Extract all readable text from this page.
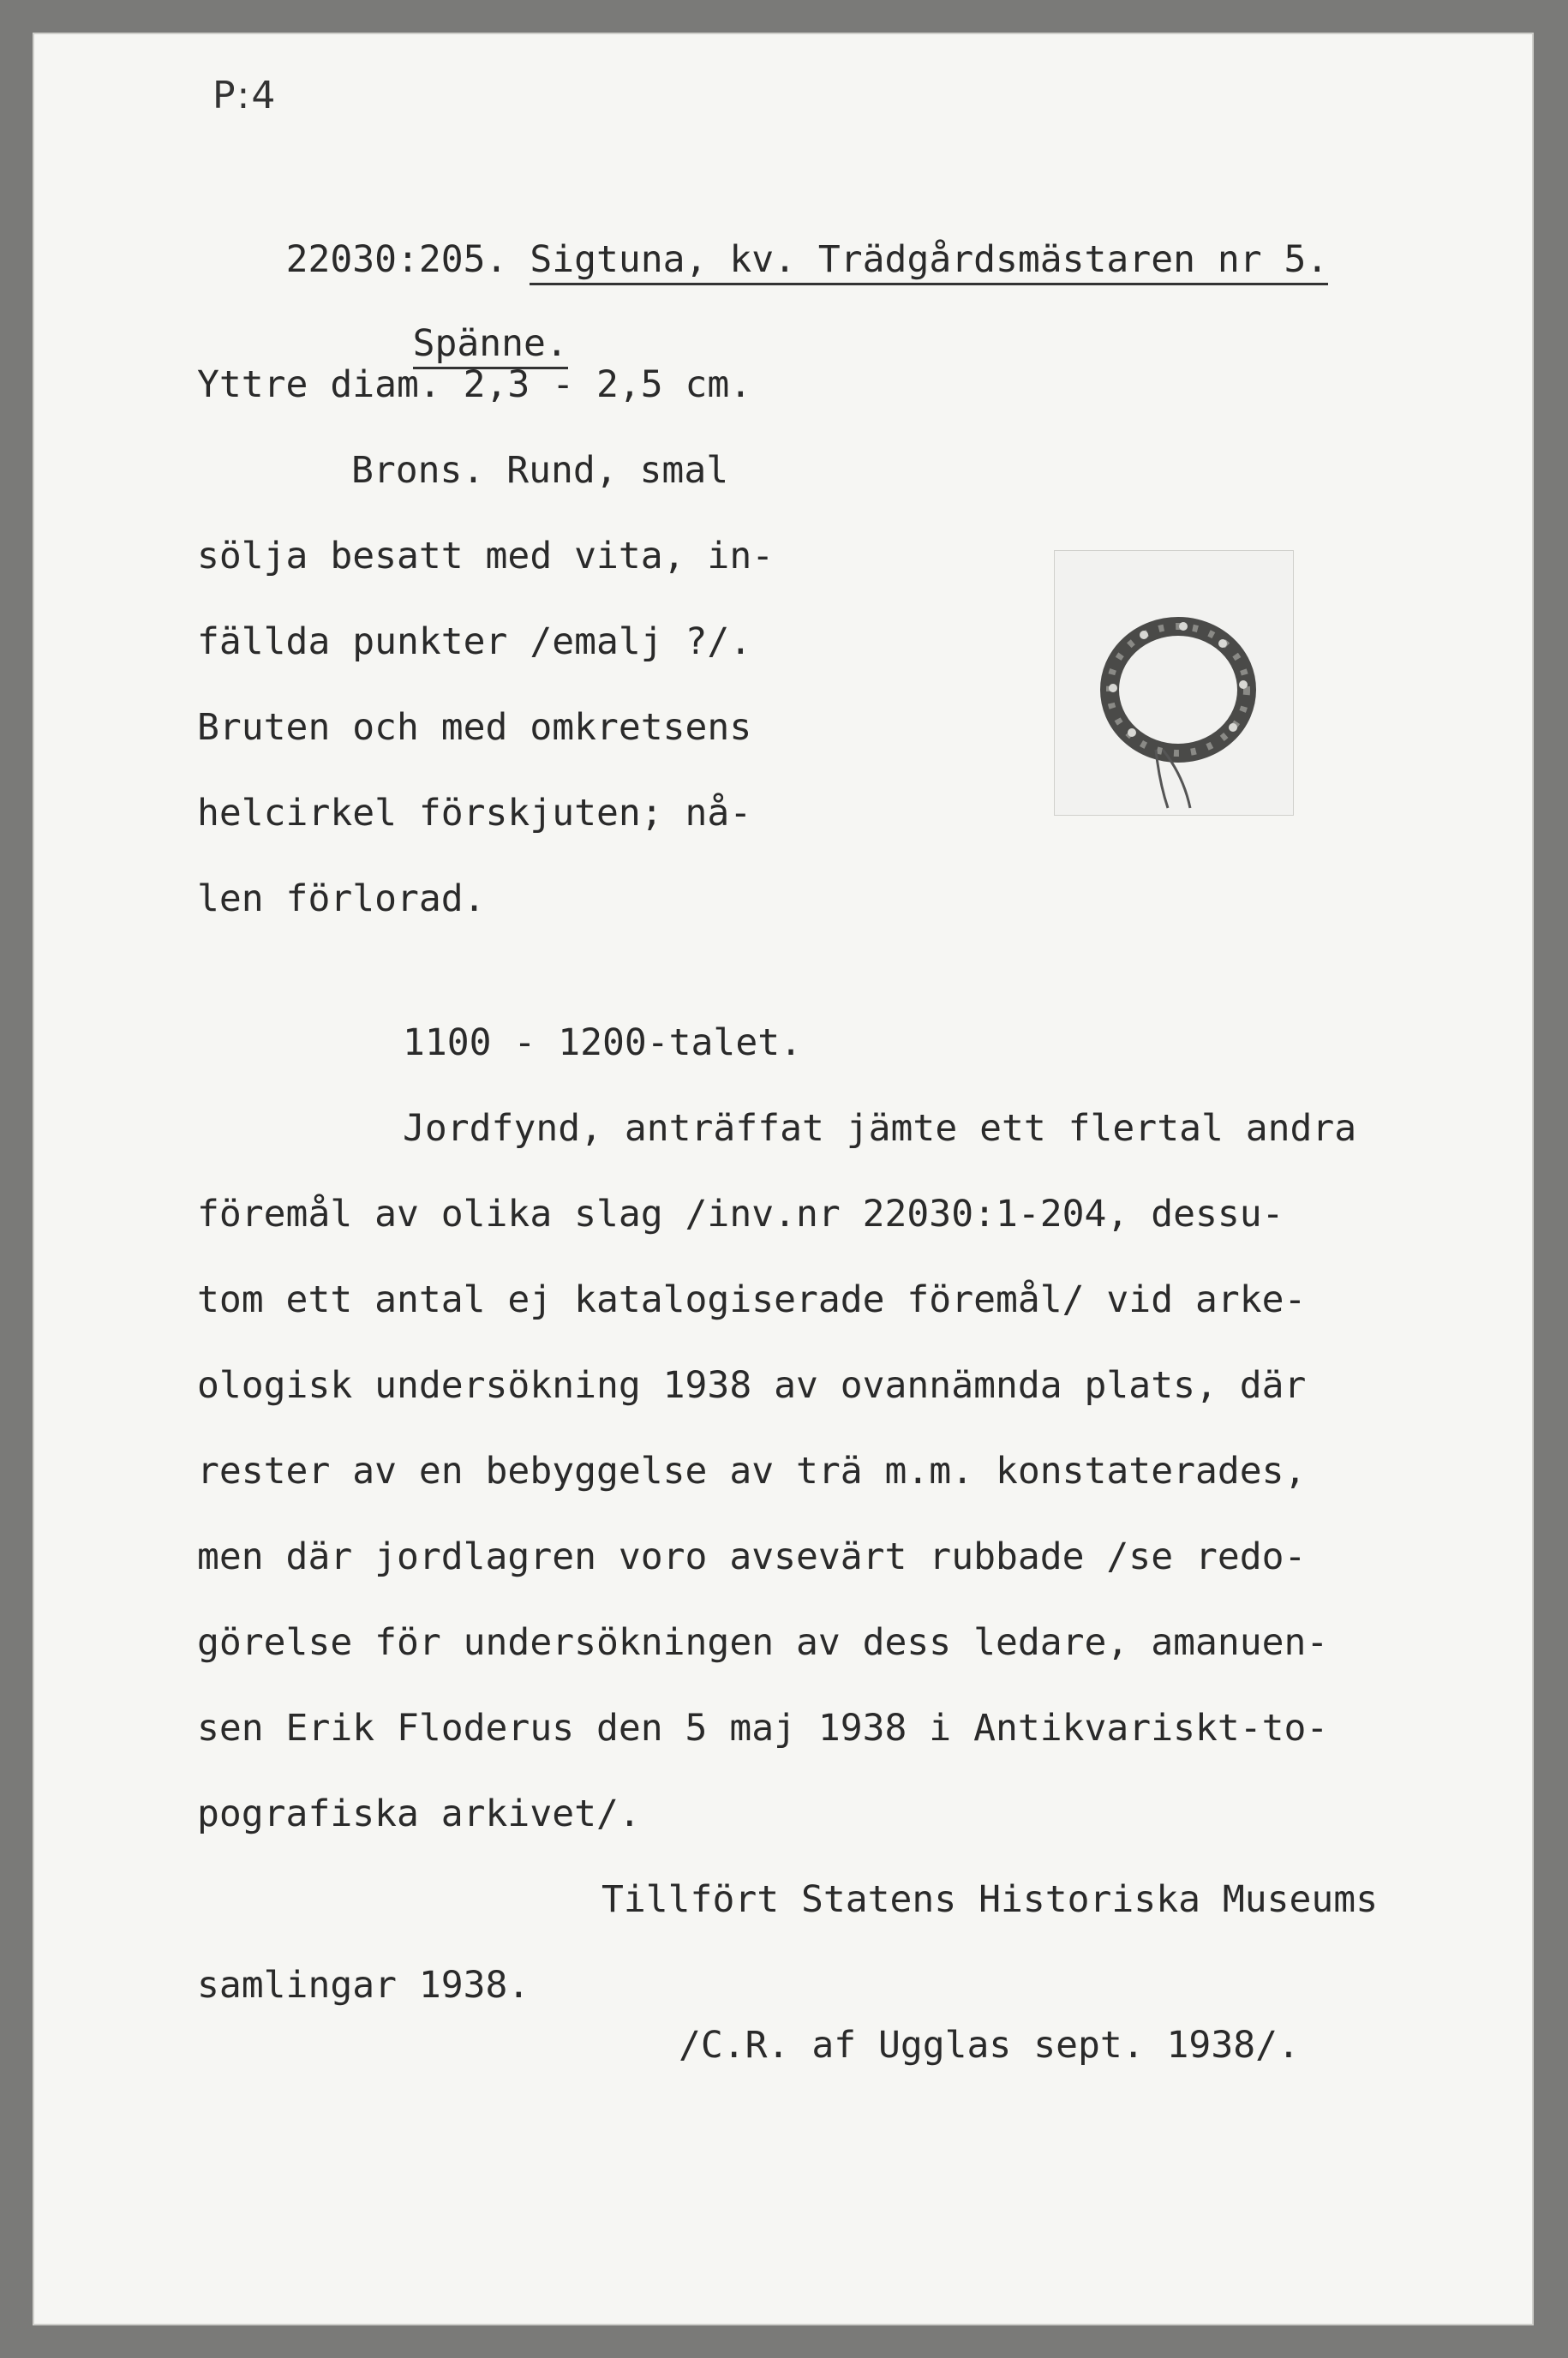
P:4

22030:205. Sigtuna, kv. Trädgårdsmästaren nr 5.

Spänne.

Yttre diam. 2,3 - 2,5 cm.
Brons. Rund, smal
sölja besatt med vita, in-
fällda punkter /emalj ?/.
Bruten och med omkretsens
helcirkel förskjuten; nå-
len förlorad.
1100 - 1200-talet.
Jordfynd, anträffat jämte ett flertal andra
föremål av olika slag /inv.nr 22030:1-204, dessu-
tom ett antal ej katalogiserade föremål/ vid arke-
ologisk undersökning 1938 av ovannämnda plats, där
rester av en bebyggelse av trä m.m. konstaterades,
men där jordlagren voro avsevärt rubbade /se redo-
görelse för undersökningen av dess ledare, amanuen-
sen Erik Floderus den 5 maj 1938 i Antikvariskt-to-
pografiska arkivet/.
Tillfört Statens Historiska Museums
samlingar 1938.
/C.R. af Ugglas sept. 1938/.
